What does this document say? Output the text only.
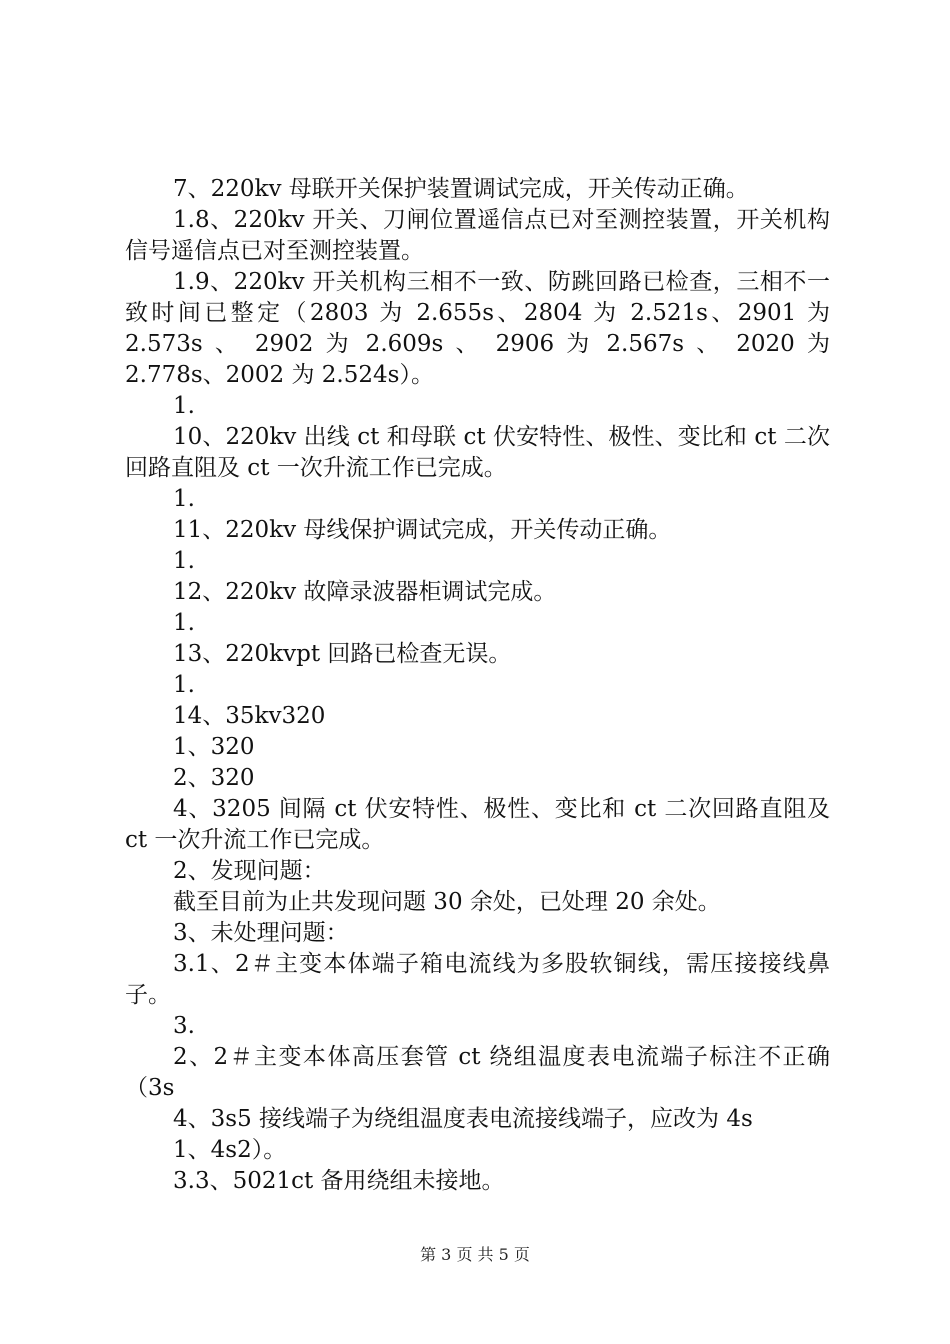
7、220kv 母联开关保护装置调试完成，开关传动正确。

1.8、220kv 开关、刀闸位置遥信点已对至测控装置，开关机构信号遥信点已对至测控装置。

1.9、220kv 开关机构三相不一致、防跳回路已检查，三相不一致时间已整定（2803 为 2.655s、2804 为 2.521s、2901 为 2.573s 、 2902 为 2.609s 、 2906 为 2.567s 、 2020 为 2.778s、2002 为 2.524s）。

1.

10、220kv 出线 ct 和母联 ct 伏安特性、极性、变比和 ct 二次回路直阻及 ct 一次升流工作已完成。

1.

11、220kv 母线保护调试完成，开关传动正确。

1.

12、220kv 故障录波器柜调试完成。

1.

13、220kvpt 回路已检查无误。

1.

14、35kv320

1、320

2、320

4、3205 间隔 ct 伏安特性、极性、变比和 ct 二次回路直阻及 ct 一次升流工作已完成。

2、发现问题：

截至目前为止共发现问题 30 余处，已处理 20 余处。

3、未处理问题：

3.1、2＃主变本体端子箱电流线为多股软铜线，需压接接线鼻子。

3.

2、2＃主变本体高压套管 ct 绕组温度表电流端子标注不正确（3s

4、3s5 接线端子为绕组温度表电流接线端子，应改为 4s

1、4s2）。

3.3、5021ct 备用绕组未接地。

第 3 页 共 5 页
